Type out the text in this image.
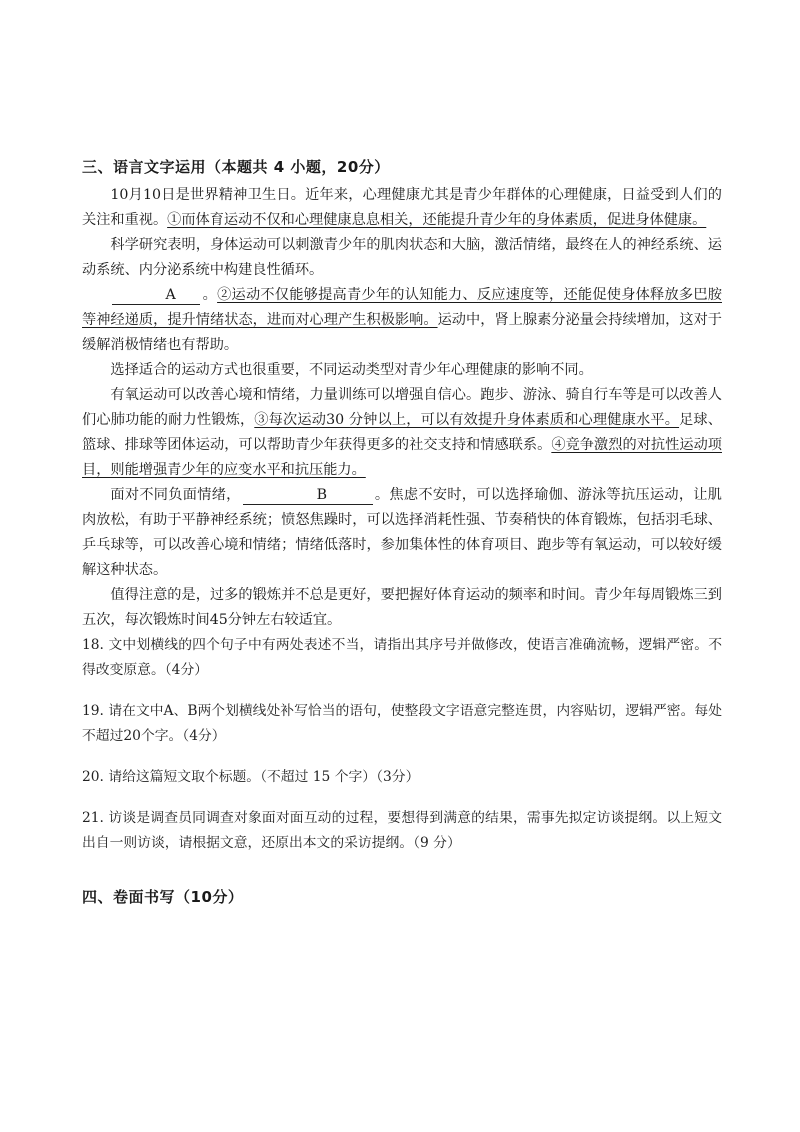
三、语言文字运用（本题共 4 小题，20分）

10月10日是世界精神卫生日。近年来，心理健康尤其是青少年群体的心理健康，日益受到人们的关注和重视。①而体育运动不仅和心理健康息息相关，还能提升青少年的身体素质，促进身体健康。

科学研究表明，身体运动可以刺激青少年的肌肉状态和大脑，激活情绪，最终在人的神经系统、运动系统、内分泌系统中构建良性循环。

A 。②运动不仅能够提高青少年的认知能力、反应速度等，还能促使身体释放多巴胺等神经递质，提升情绪状态，进而对心理产生积极影响。运动中，肾上腺素分泌量会持续增加，这对于缓解消极情绪也有帮助。

选择适合的运动方式也很重要，不同运动类型对青少年心理健康的影响不同。

有氧运动可以改善心境和情绪，力量训练可以增强自信心。跑步、游泳、骑自行车等是可以改善人们心肺功能的耐力性锻炼，③每次运动30 分钟以上，可以有效提升身体素质和心理健康水平。足球、篮球、排球等团体运动，可以帮助青少年获得更多的社交支持和情感联系。④竞争激烈的对抗性运动项目，则能增强青少年的应变水平和抗压能力。

面对不同负面情绪，	B	。焦虑不安时，可以选择瑜伽、游泳等抗压运动，让肌肉放松，有助于平静神经系统；愤怒焦躁时，可以选择消耗性强、节奏稍快的体育锻炼，包括羽毛球、乒乓球等，可以改善心境和情绪；情绪低落时，参加集体性的体育项目、跑步等有氧运动，可以较好缓解这种状态。

值得注意的是，过多的锻炼并不总是更好，要把握好体育运动的频率和时间。青少年每周锻炼三到五次，每次锻炼时间45分钟左右较适宜。

18. 文中划横线的四个句子中有两处表述不当，请指出其序号并做修改，使语言准确流畅，逻辑严密。不得改变原意。（4分）

19. 请在文中A、B两个划横线处补写恰当的语句，使整段文字语意完整连贯，内容贴切，逻辑严密。每处不超过20个字。（4分）

20. 请给这篇短文取个标题。（不超过 15 个字）（3分）

21. 访谈是调查员同调查对象面对面互动的过程，要想得到满意的结果，需事先拟定访谈提纲。以上短文出自一则访谈，请根据文意，还原出本文的采访提纲。（9 分）

四、卷面书写（10分）
